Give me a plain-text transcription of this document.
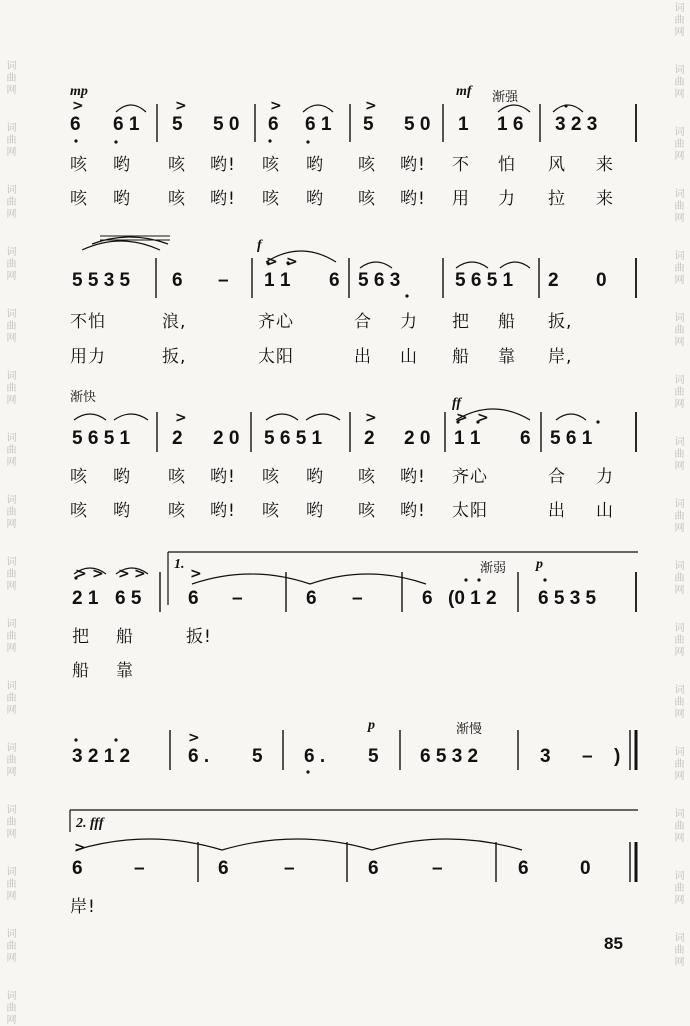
词曲网
词曲网
词曲网
词曲网
词曲网
词曲网
词曲网
词曲网
词曲网
词曲网
词曲网
词曲网
词曲网
词曲网
词曲网
词曲网
词曲网
词曲网
词曲网
词曲网
词曲网
词曲网
词曲网
词曲网
词曲网
词曲网
词曲网
词曲网
词曲网
词曲网
词曲网
词曲网
mp	mf 渐强
6 6 1 5 5 0 6 6 1 5 5 0 1 1 6 3 2 3
>	>	>	>
咳 哟 咳 哟! 咳 哟 咳 哟! 不 怕 风 来
咳 哟 咳 哟! 咳 哟 咳 哟! 用 力 拉 来
f
5 5 3 5 6 – 1 1 6 5 6 3	5 6 5 1 2 0
> >
不怕	浪,	齐心	合 力 把 船 扳,
用力	扳,	太阳	出 山 船 靠 岸,
渐快	ff
5 6 5 1 2 2 0 5 6 5 1 2 2 0 1 1 6 5 6 1
>	>	> >
咳 哟 咳 哟! 咳 哟 咳 哟! 齐心	合 力
咳 哟 咳 哟! 咳 哟 咳 哟! 太阳	出 山
1.	渐弱 p
2 1 6 5 6 –	6 –	6 (0 1 2 6 5 3 5
> > > >	>
把 船	扳!
船 靠
p	渐慢
3 2 1 2	6 . 5 6 . 5 6 5 3 2	3 – )
>
2. fff
6	–	6	–	6	–	6	0
>
岸!
85
